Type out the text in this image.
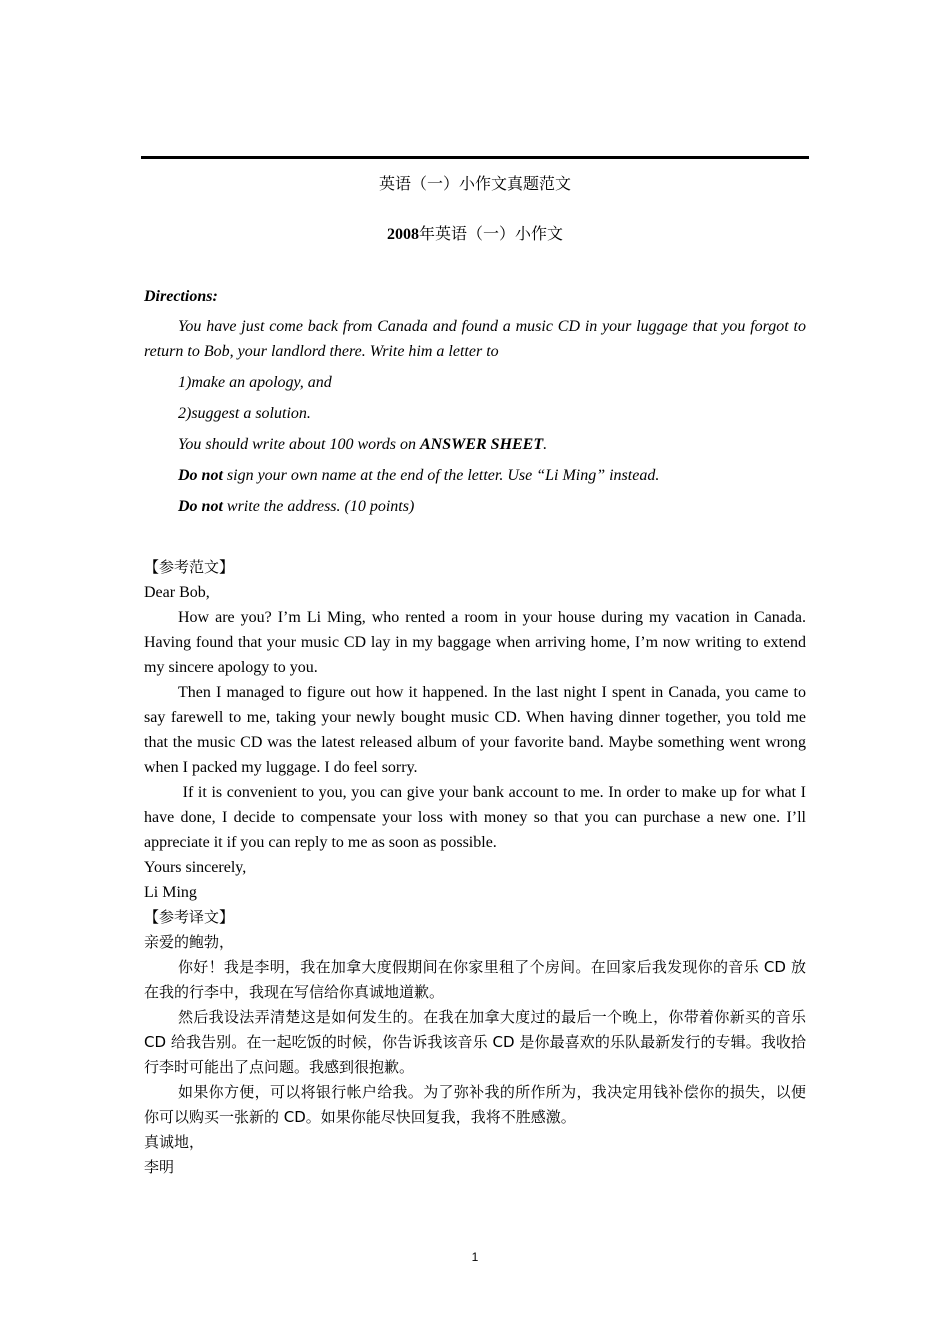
英语（一）小作文真题范文
2008年英语（一）小作文
Directions:

You have just come back from Canada and found a music CD in your luggage that you forgot to return to Bob, your landlord there. Write him a letter to

1)make an apology, and

2)suggest a solution.

You should write about 100 words on ANSWER SHEET.

Do not sign your own name at the end of the letter. Use “Li Ming” instead.

Do not write the address. (10 points)

【参考范文】

Dear Bob,

How are you? I’m Li Ming, who rented a room in your house during my vacation in Canada. Having found that your music CD lay in my baggage when arriving home, I’m now writing to extend my sincere apology to you.

Then I managed to figure out how it happened. In the last night I spent in Canada, you came to say farewell to me, taking your newly bought music CD. When having dinner together, you told me that the music CD was the latest released album of your favorite band. Maybe something went wrong when I packed my luggage. I do feel sorry.

If it is convenient to you, you can give your bank account to me. In order to make up for what I have done, I decide to compensate your loss with money so that you can purchase a new one. I’ll appreciate it if you can reply to me as soon as possible.

Yours sincerely,

Li Ming

【参考译文】

亲爱的鲍勃，

你好！我是李明，我在加拿大度假期间在你家里租了个房间。在回家后我发现你的音乐 CD 放在我的行李中，我现在写信给你真诚地道歉。

然后我设法弄清楚这是如何发生的。在我在加拿大度过的最后一个晚上，你带着你新买的音乐 CD 给我告别。在一起吃饭的时候，你告诉我该音乐 CD 是你最喜欢的乐队最新发行的专辑。我收拾行李时可能出了点问题。我感到很抱歉。

如果你方便，可以将银行帐户给我。为了弥补我的所作所为，我决定用钱补偿你的损失，以便你可以购买一张新的 CD。如果你能尽快回复我，我将不胜感激。

真诚地，

李明

1
